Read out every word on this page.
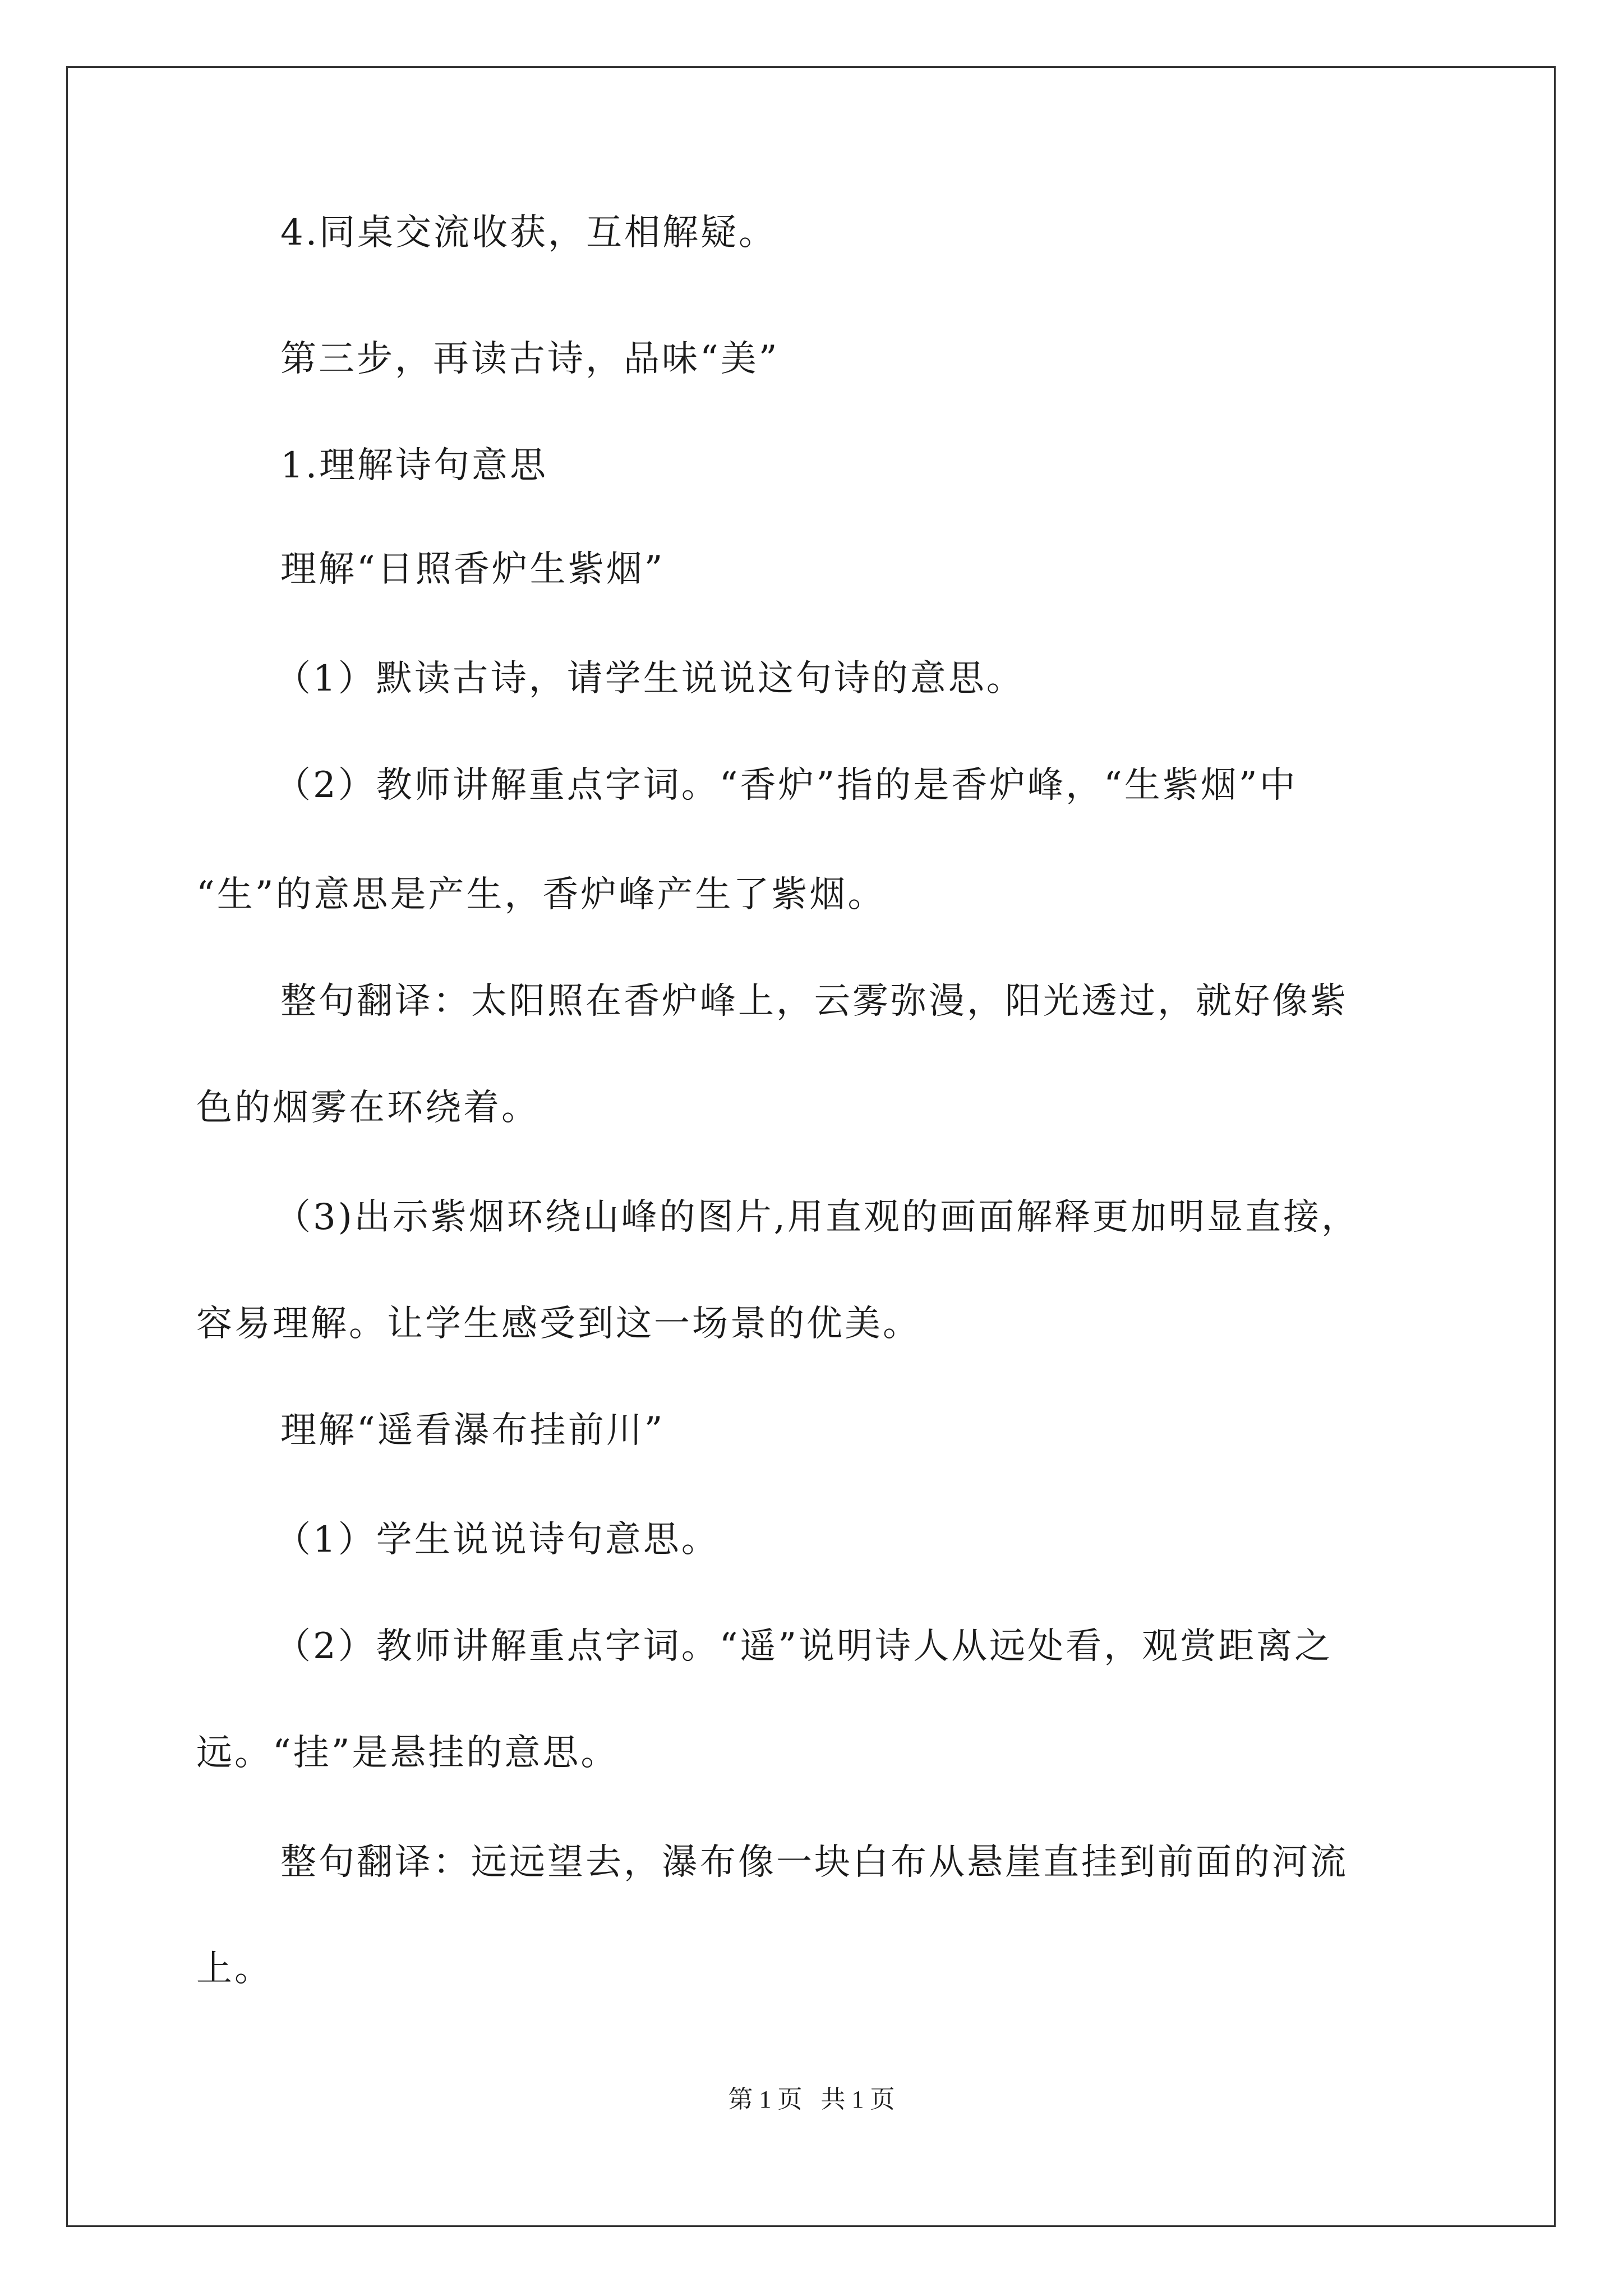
4.同桌交流收获，互相解疑。
第三步，再读古诗，品味“美”
1.理解诗句意思
理解“日照香炉生紫烟”
（1）默读古诗，请学生说说这句诗的意思。
（2）教师讲解重点字词。“香炉”指的是香炉峰，“生紫烟”中
“生”的意思是产生，香炉峰产生了紫烟。
整句翻译：太阳照在香炉峰上，云雾弥漫，阳光透过，就好像紫
色的烟雾在环绕着。
（3)出示紫烟环绕山峰的图片,用直观的画面解释更加明显直接，
容易理解。让学生感受到这一场景的优美。
理解“遥看瀑布挂前川”
（1）学生说说诗句意思。
（2）教师讲解重点字词。“遥”说明诗人从远处看，观赏距离之
远。“挂”是悬挂的意思。
整句翻译：远远望去，瀑布像一块白布从悬崖直挂到前面的河流
上。
第 1 页   共 1 页
